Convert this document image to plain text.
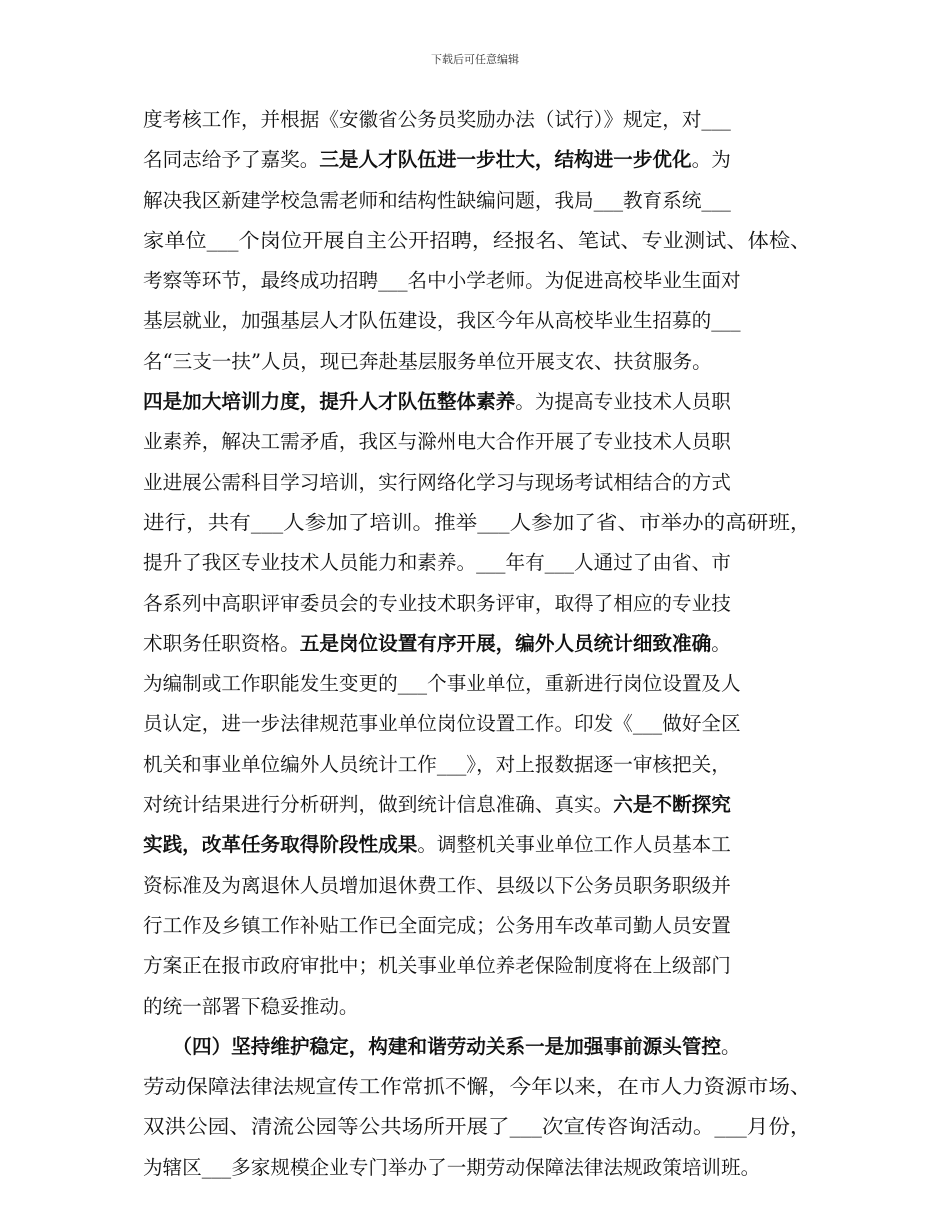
下载后可任意编辑
度考核工作，并根据《安徽省公务员奖励办法（试行）》规定，对___
名同志给予了嘉奖。三是人才队伍进一步壮大，结构进一步优化。为
解决我区新建学校急需老师和结构性缺编问题，我局___教育系统___
家单位___个岗位开展自主公开招聘，经报名、笔试、专业测试、体检、
考察等环节，最终成功招聘___名中小学老师。为促进高校毕业生面对
基层就业，加强基层人才队伍建设，我区今年从高校毕业生招募的___
名“三支一扶”人员，现已奔赴基层服务单位开展支农、扶贫服务。
四是加大培训力度，提升人才队伍整体素养。为提高专业技术人员职
业素养，解决工需矛盾，我区与滁州电大合作开展了专业技术人员职
业进展公需科目学习培训，实行网络化学习与现场考试相结合的方式
进行，共有___人参加了培训。推举___人参加了省、市举办的高研班，
提升了我区专业技术人员能力和素养。___年有___人通过了由省、市
各系列中高职评审委员会的专业技术职务评审，取得了相应的专业技
术职务任职资格。五是岗位设置有序开展，编外人员统计细致准确。
为编制或工作职能发生变更的___个事业单位，重新进行岗位设置及人
员认定，进一步法律规范事业单位岗位设置工作。印发《___做好全区
机关和事业单位编外人员统计工作___》，对上报数据逐一审核把关，
对统计结果进行分析研判，做到统计信息准确、真实。六是不断探究
实践，改革任务取得阶段性成果。调整机关事业单位工作人员基本工
资标准及为离退休人员增加退休费工作、县级以下公务员职务职级并
行工作及乡镇工作补贴工作已全面完成；公务用车改革司勤人员安置
方案正在报市政府审批中；机关事业单位养老保险制度将在上级部门
的统一部署下稳妥推动。
　　（四）坚持维护稳定，构建和谐劳动关系一是加强事前源头管控。
劳动保障法律法规宣传工作常抓不懈，今年以来，在市人力资源市场、
双洪公园、清流公园等公共场所开展了___次宣传咨询活动。___月份，
为辖区___多家规模企业专门举办了一期劳动保障法律法规政策培训班。
